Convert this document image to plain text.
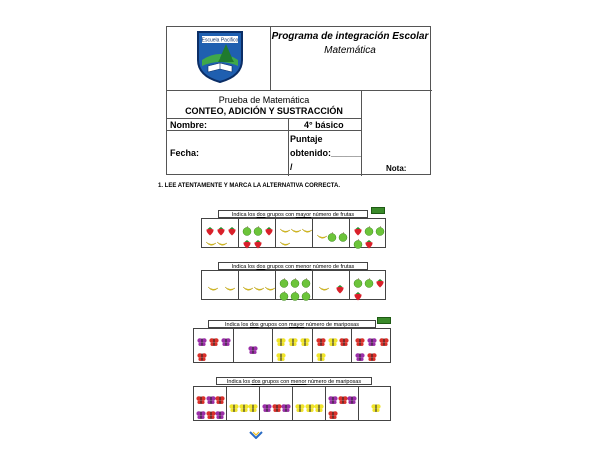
Escuela Pacifico	Programa de integración Escolar
Matemática
Prueba de Matemática
CONTEO, ADICIÓN Y SUSTRACCIÓN
Nombre:	4° básico
Fecha:
Puntaje
obtenido:______
/	Nota:
1. LEE ATENTAMENTE Y MARCA LA ALTERNATIVA CORRECTA.
Indica los dos grupos con mayor número de frutas
Indica los dos grupos con menor número de frutas
Indica los dos grupos con mayor número de mariposas
Indica los dos grupos con menor número de mariposas
